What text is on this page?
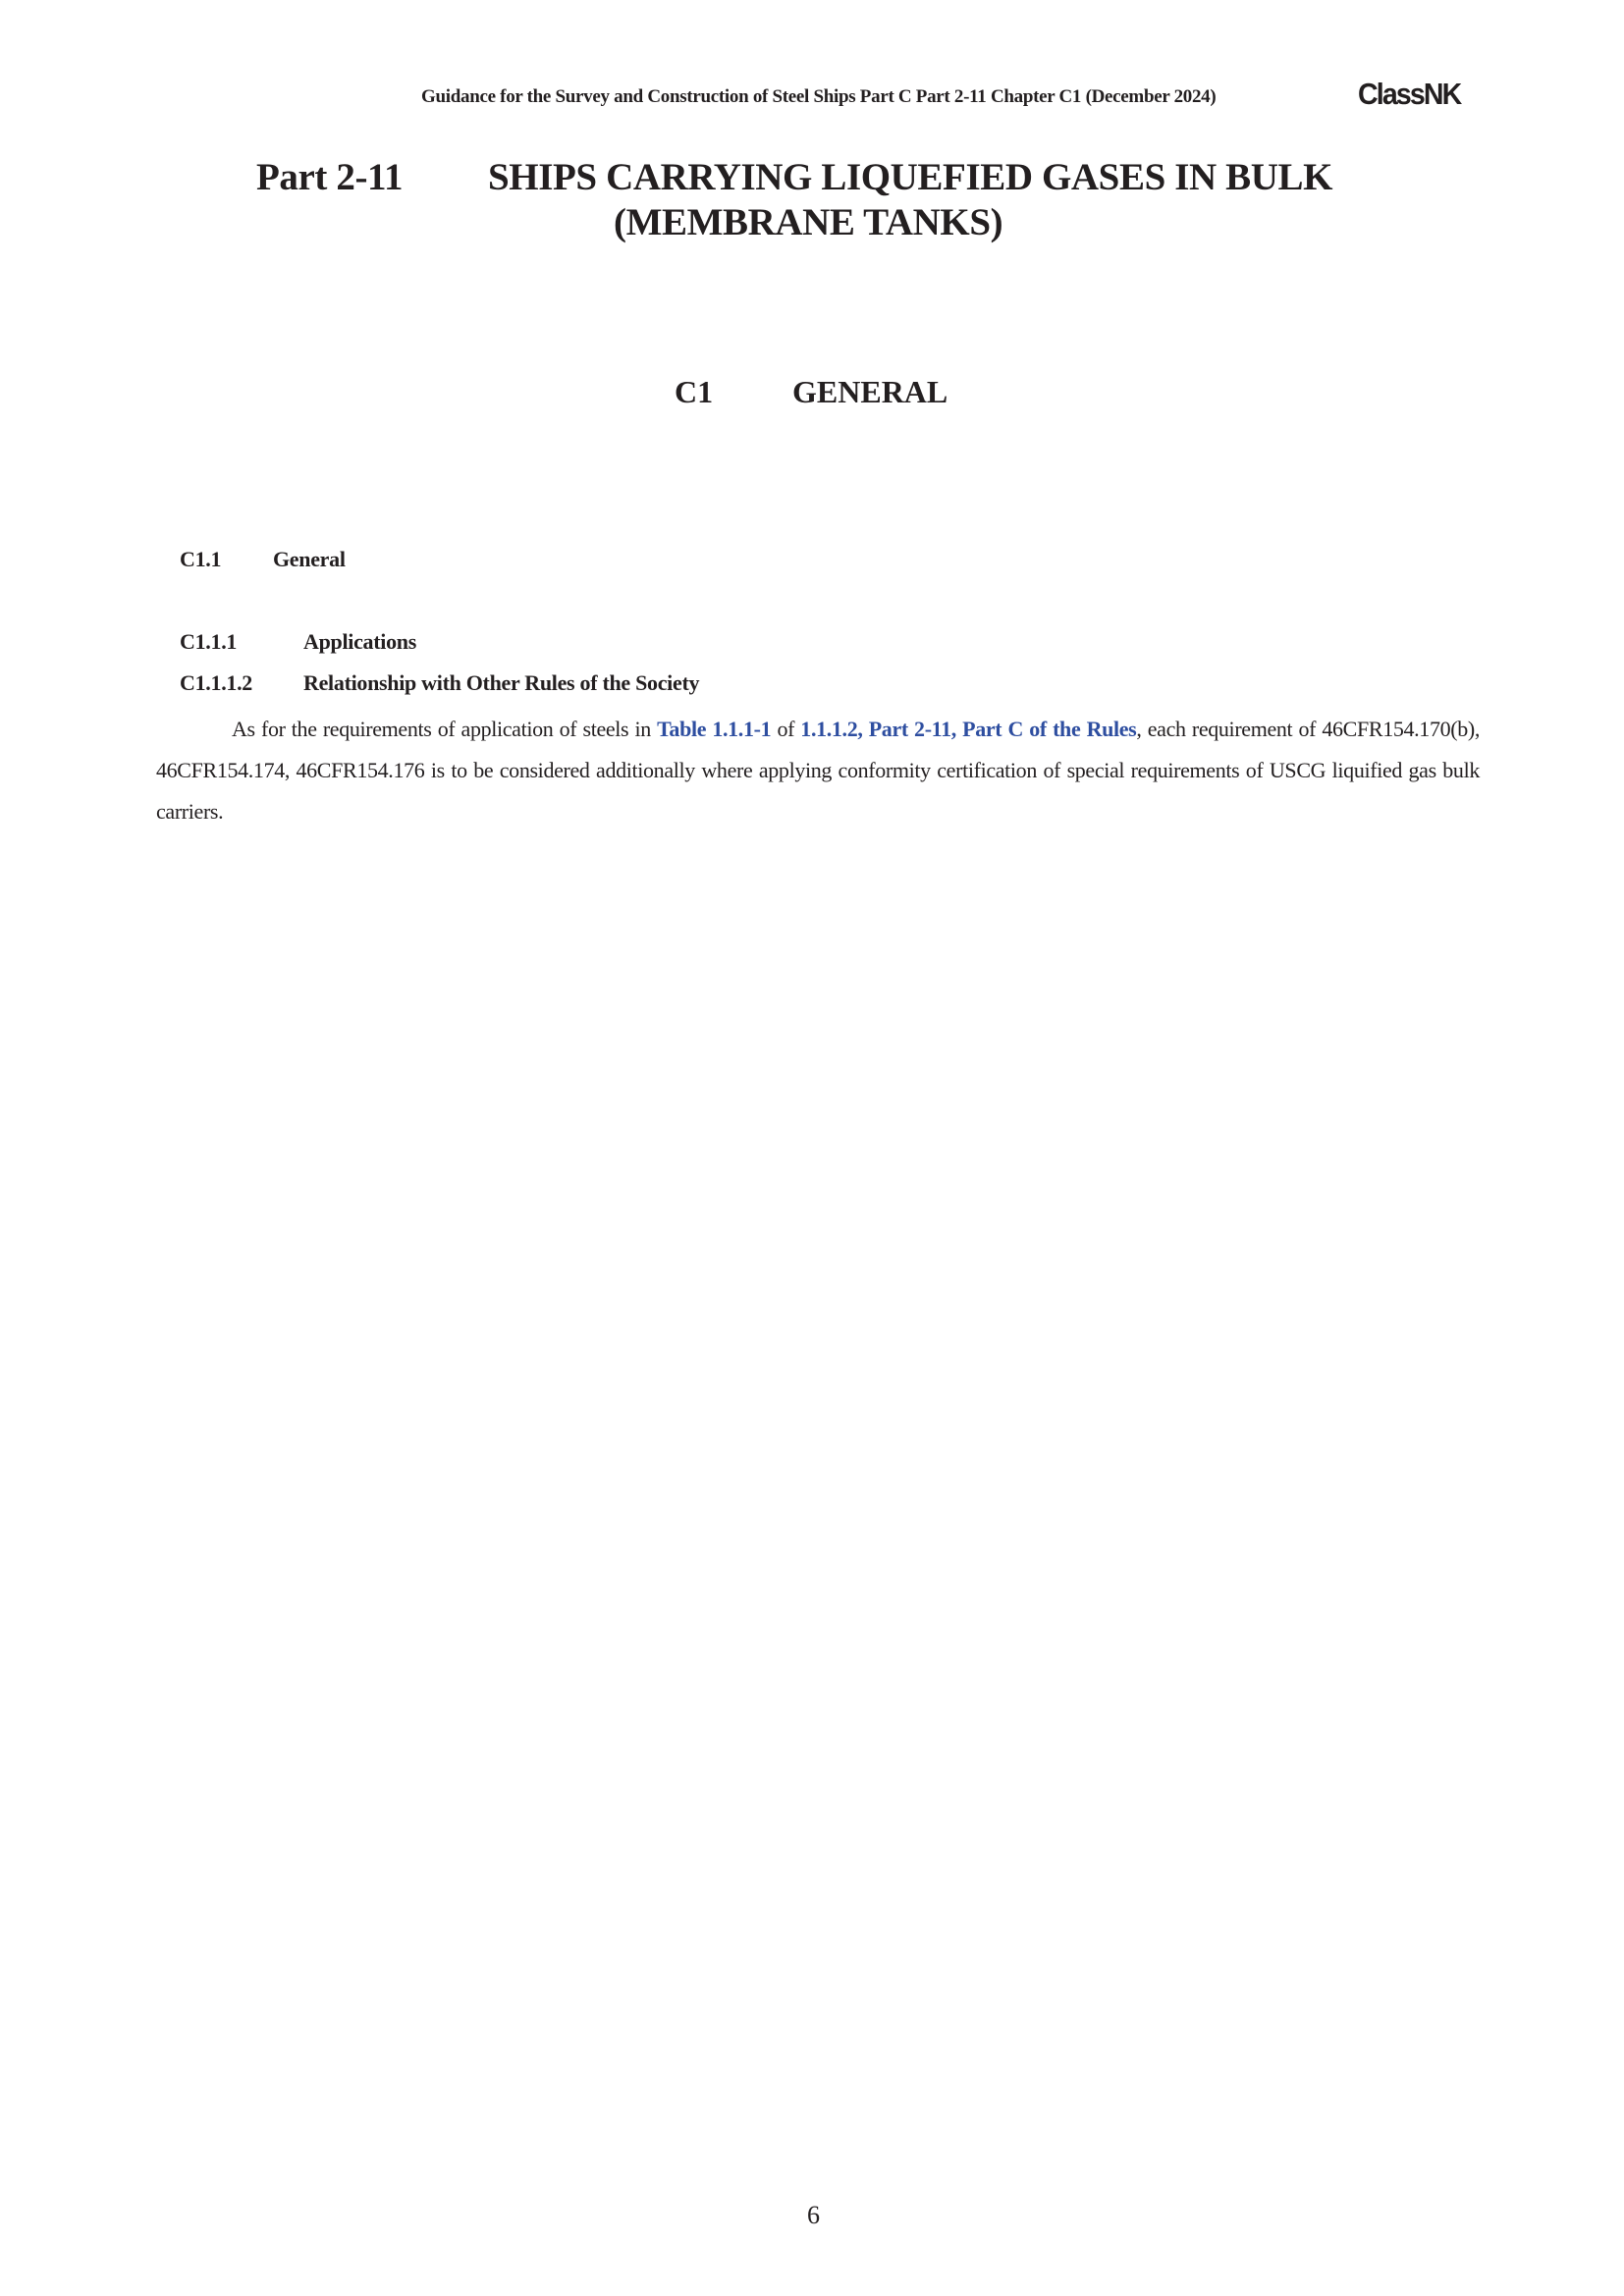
Guidance for the Survey and Construction of Steel Ships Part C Part 2-11 Chapter C1 (December 2024)	ClassNK
Part 2-11 SHIPS CARRYING LIQUEFIED GASES IN BULK
(MEMBRANE TANKS)
C1	GENERAL
C1.1 General
C1.1.1	Applications
C1.1.1.2 Relationship with Other Rules of the Society

As for the requirements of application of steels in Table 1.1.1-1 of 1.1.1.2, Part 2-11, Part C of the Rules, each requirement of 46CFR154.170(b), 46CFR154.174, 46CFR154.176 is to be considered additionally where applying conformity certification of special requirements of USCG liquified gas bulk carriers.

6
